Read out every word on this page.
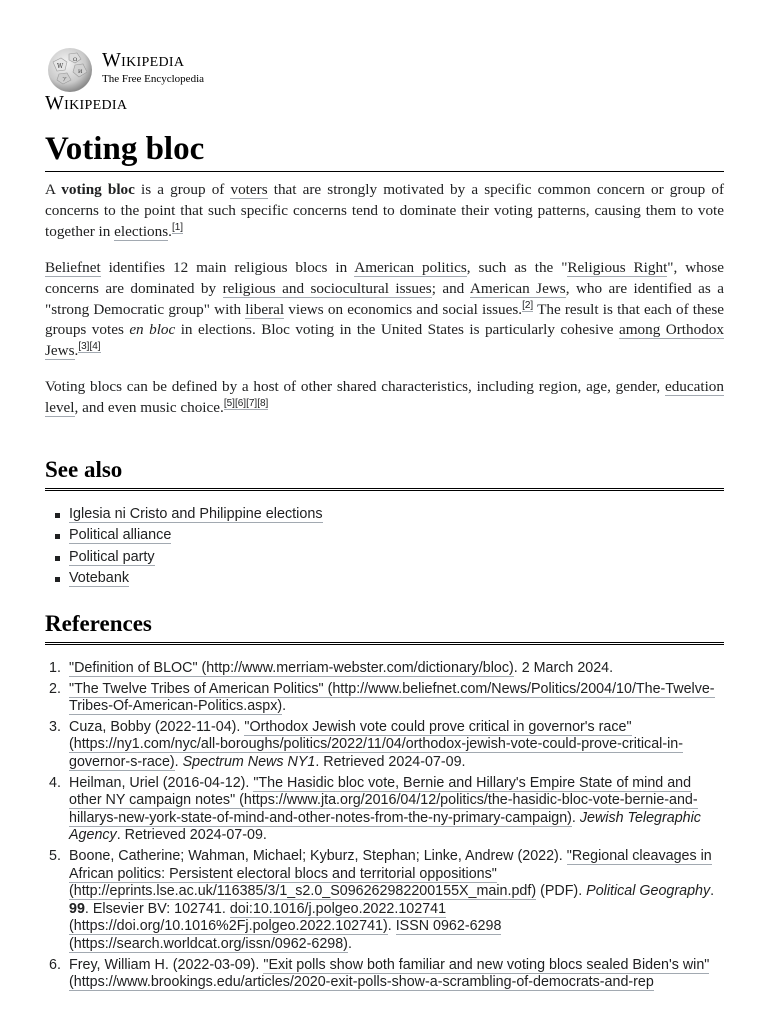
W
Ω
И
ア
Wikipedia
The Free Encyclopedia
Wikipedia
Voting bloc

A voting bloc is a group of voters that are strongly motivated by a specific common concern or group of concerns to the point that such specific concerns tend to dominate their voting patterns, causing them to vote together in elections.[1]

Beliefnet identifies 12 main religious blocs in American politics, such as the "Religious Right", whose concerns are dominated by religious and sociocultural issues; and American Jews, who are identified as a "strong Democratic group" with liberal views on economics and social issues.[2] The result is that each of these groups votes en bloc in elections. Bloc voting in the United States is particularly cohesive among Orthodox Jews.[3][4]

Voting blocs can be defined by a host of other shared characteristics, including region, age, gender, education level, and even music choice.[5][6][7][8]

See also
Iglesia ni Cristo and Philippine elections
Political alliance
Political party
Votebank
References
1. "Definition of BLOC" (http://www.merriam-webster.com/dictionary/bloc). 2 March 2024.
2. "The Twelve Tribes of American Politics" (http://www.beliefnet.com/News/Politics/2004/10/The-Twelve-Tribes-Of-American-Politics.aspx).
3. Cuza, Bobby (2022-11-04). "Orthodox Jewish vote could prove critical in governor's race" (https://ny1.com/nyc/all-boroughs/politics/2022/11/04/orthodox-jewish-vote-could-prove-critical-in-governor-s-race). Spectrum News NY1. Retrieved 2024-07-09.
4. Heilman, Uriel (2016-04-12). "The Hasidic bloc vote, Bernie and Hillary's Empire State of mind and other NY campaign notes" (https://www.jta.org/2016/04/12/politics/the-hasidic-bloc-vote-bernie-and-hillarys-new-york-state-of-mind-and-other-notes-from-the-ny-primary-campaign). Jewish Telegraphic Agency. Retrieved 2024-07-09.
5. Boone, Catherine; Wahman, Michael; Kyburz, Stephan; Linke, Andrew (2022). "Regional cleavages in African politics: Persistent electoral blocs and territorial oppositions" (http://eprints.lse.ac.uk/116385/3/1_s2.0_S096262982200155X_main.pdf) (PDF). Political Geography. 99. Elsevier BV: 102741. doi:10.1016/j.polgeo.2022.102741 (https://doi.org/10.1016%2Fj.polgeo.2022.102741). ISSN 0962-6298 (https://search.worldcat.org/issn/0962-6298).
6. Frey, William H. (2022-03-09). "Exit polls show both familiar and new voting blocs sealed Biden's win" (https://www.brookings.edu/articles/2020-exit-polls-show-a-scrambling-of-democrats-and-rep
